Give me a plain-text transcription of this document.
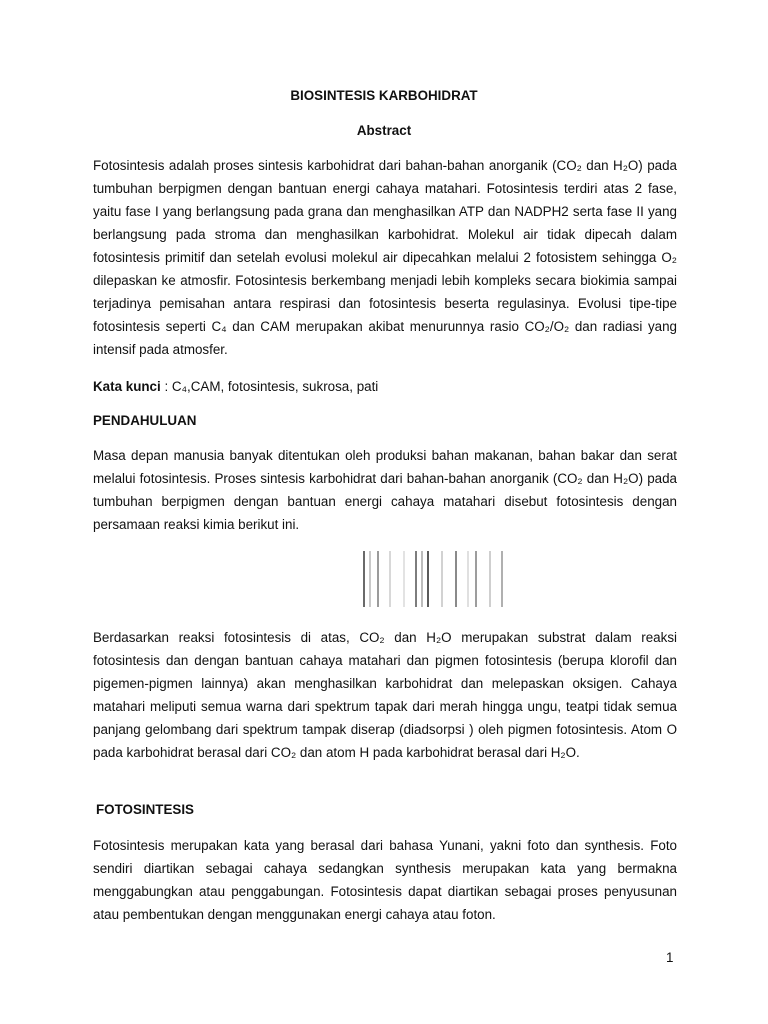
BIOSINTESIS KARBOHIDRAT
Abstract

Fotosintesis adalah proses sintesis karbohidrat dari bahan-bahan anorganik (CO₂ dan H₂O) pada tumbuhan berpigmen dengan bantuan energi cahaya matahari. Fotosintesis terdiri atas 2 fase, yaitu fase I yang berlangsung pada grana dan menghasilkan ATP dan NADPH2 serta fase II yang berlangsung pada stroma dan menghasilkan karbohidrat. Molekul air tidak dipecah dalam fotosintesis primitif dan setelah evolusi molekul air dipecahkan melalui 2 fotosistem sehingga O₂ dilepaskan ke atmosfir. Fotosintesis berkembang menjadi lebih kompleks secara biokimia sampai terjadinya pemisahan antara respirasi dan fotosintesis beserta regulasinya. Evolusi tipe-tipe fotosintesis seperti C₄ dan CAM merupakan akibat menurunnya rasio CO₂/O₂ dan radiasi yang intensif pada atmosfer.

Kata kunci : C₄,CAM, fotosintesis, sukrosa, pati

PENDAHULUAN

Masa depan manusia banyak ditentukan oleh produksi bahan makanan, bahan bakar dan serat melalui fotosintesis. Proses sintesis karbohidrat dari bahan-bahan anorganik (CO₂ dan H₂O) pada tumbuhan berpigmen dengan bantuan energi cahaya matahari disebut fotosintesis dengan persamaan reaksi kimia berikut ini.

Berdasarkan reaksi fotosintesis di atas, CO₂ dan H₂O merupakan substrat dalam reaksi fotosintesis dan dengan bantuan cahaya matahari dan pigmen fotosintesis (berupa klorofil dan pigemen-pigmen lainnya) akan menghasilkan karbohidrat dan melepaskan oksigen. Cahaya matahari meliputi semua warna dari spektrum tapak dari merah hingga ungu, teatpi tidak semua panjang gelombang dari spektrum tampak diserap (diadsorpsi ) oleh pigmen fotosintesis. Atom O pada karbohidrat berasal dari CO₂ dan atom H pada karbohidrat berasal dari H₂O.

FOTOSINTESIS

Fotosintesis merupakan kata yang berasal dari bahasa Yunani, yakni foto dan synthesis. Foto sendiri diartikan sebagai cahaya sedangkan synthesis merupakan kata yang bermakna menggabungkan atau penggabungan. Fotosintesis dapat diartikan sebagai proses penyusunan atau pembentukan dengan menggunakan energi cahaya atau foton.

1
